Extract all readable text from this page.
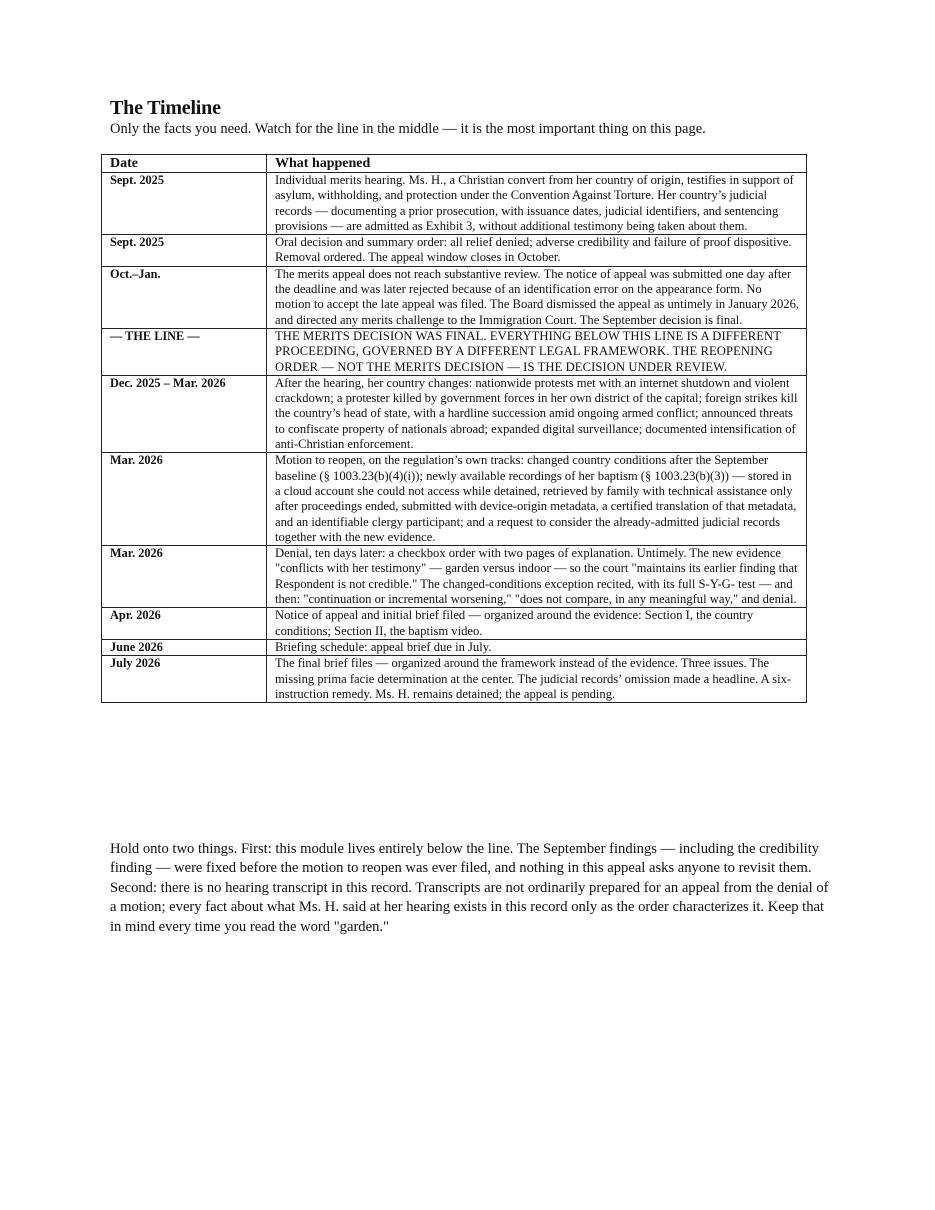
The Timeline

Only the facts you need. Watch for the line in the middle — it is the most important thing on this page.

Date	What happened
Sept. 2025	Individual merits hearing. Ms. H., a Christian convert from her country of origin, testifies in support of asylum, withholding, and protection under the Convention Against Torture. Her country’s judicial records — documenting a prior prosecution, with issuance dates, judicial identifiers, and sentencing provisions — are admitted as Exhibit 3, without additional testimony being taken about them.
Sept. 2025	Oral decision and summary order: all relief denied; adverse credibility and failure of proof dispositive. Removal ordered. The appeal window closes in October.
Oct.–Jan.	The merits appeal does not reach substantive review. The notice of appeal was submitted one day after the deadline and was later rejected because of an identification error on the appearance form. No motion to accept the late appeal was filed. The Board dismissed the appeal as untimely in January 2026, and directed any merits challenge to the Immigration Court. The September decision is final.
— THE LINE —	THE MERITS DECISION WAS FINAL. EVERYTHING BELOW THIS LINE IS A DIFFERENT PROCEEDING, GOVERNED BY A DIFFERENT LEGAL FRAMEWORK. THE REOPENING ORDER — NOT THE MERITS DECISION — IS THE DECISION UNDER REVIEW.
Dec. 2025 – Mar. 2026	After the hearing, her country changes: nationwide protests met with an internet shutdown and violent crackdown; a protester killed by government forces in her own district of the capital; foreign strikes kill the country’s head of state, with a hardline succession amid ongoing armed conflict; announced threats to confiscate property of nationals abroad; expanded digital surveillance; documented intensification of anti-Christian enforcement.
Mar. 2026	Motion to reopen, on the regulation’s own tracks: changed country conditions after the September baseline (§ 1003.23(b)(4)(i)); newly available recordings of her baptism (§ 1003.23(b)(3)) — stored in a cloud account she could not access while detained, retrieved by family with technical assistance only after proceedings ended, submitted with device-origin metadata, a certified translation of that metadata, and an identifiable clergy participant; and a request to consider the already-admitted judicial records together with the new evidence.
Mar. 2026	Denial, ten days later: a checkbox order with two pages of explanation. Untimely. The new evidence "conflicts with her testimony" — garden versus indoor — so the court "maintains its earlier finding that Respondent is not credible." The changed-conditions exception recited, with its full S-Y-G- test — and then: "continuation or incremental worsening," "does not compare, in any meaningful way," and denial.
Apr. 2026	Notice of appeal and initial brief filed — organized around the evidence: Section I, the country conditions; Section II, the baptism video.
June 2026	Briefing schedule: appeal brief due in July.
July 2026	The final brief files — organized around the framework instead of the evidence. Three issues. The missing prima facie determination at the center. The judicial records’ omission made a headline. A six-instruction remedy. Ms. H. remains detained; the appeal is pending.

Hold onto two things. First: this module lives entirely below the line. The September findings — including the credibility finding — were fixed before the motion to reopen was ever filed, and nothing in this appeal asks anyone to revisit them. Second: there is no hearing transcript in this record. Transcripts are not ordinarily prepared for an appeal from the denial of a motion; every fact about what Ms. H. said at her hearing exists in this record only as the order characterizes it. Keep that in mind every time you read the word "garden."
